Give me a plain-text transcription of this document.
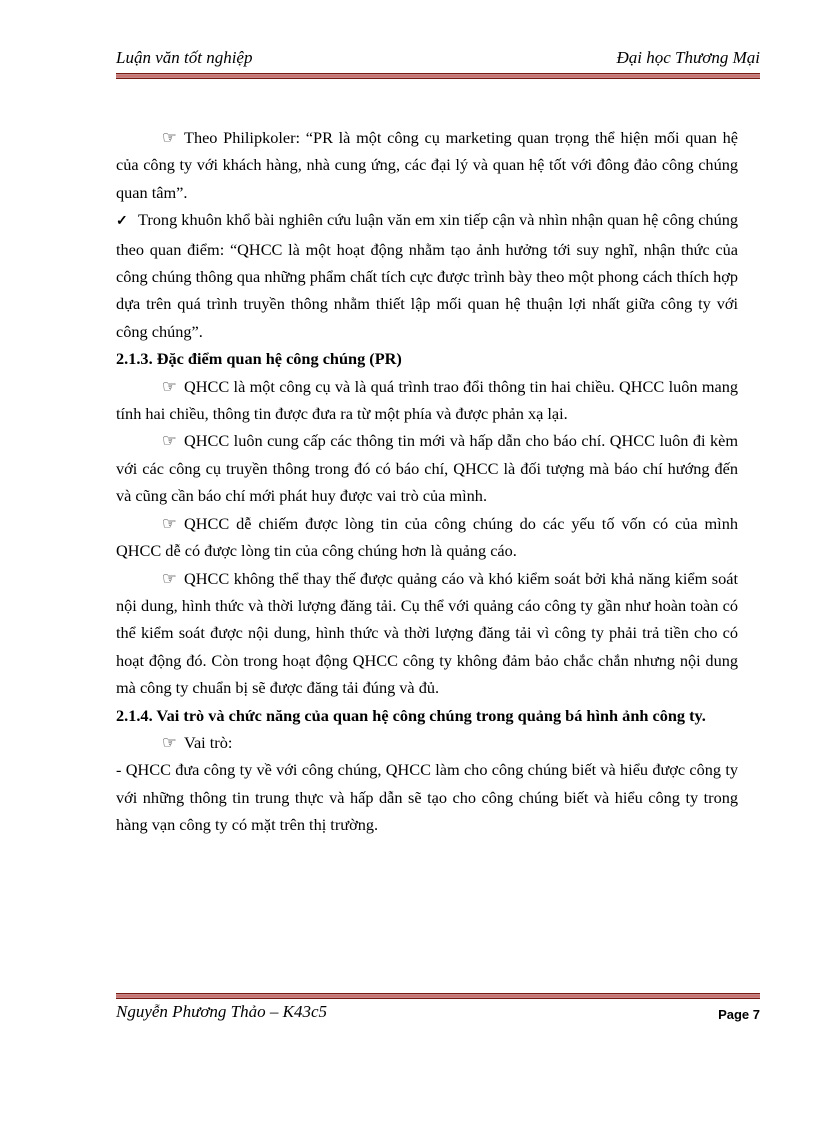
Luận văn tốt nghiệp	Đại học Thương Mại

☞ Theo Philipkoler: “PR là một công cụ marketing quan trọng thể hiện mối quan hệ của công ty với khách hàng, nhà cung ứng, các đại lý và quan hệ tốt với đông đảo công chúng quan tâm”.

✓ Trong khuôn khổ bài nghiên cứu luận văn em xin tiếp cận và nhìn nhận quan hệ công chúng theo quan điểm: “QHCC là một hoạt động nhằm tạo ảnh hưởng tới suy nghĩ, nhận thức của công chúng thông qua những phẩm chất tích cực được trình bày theo một phong cách thích hợp dựa trên quá trình truyền thông nhằm thiết lập mối quan hệ thuận lợi nhất giữa công ty với công chúng”.

2.1.3. Đặc điểm quan hệ công chúng (PR)

☞ QHCC là một công cụ và là quá trình trao đổi thông tin hai chiều. QHCC luôn mang tính hai chiều, thông tin được đưa ra từ một phía và được phản xạ lại.

☞ QHCC luôn cung cấp các thông tin mới và hấp dẫn cho báo chí. QHCC luôn đi kèm với các công cụ truyền thông trong đó có báo chí, QHCC là đối tượng mà báo chí hướng đến và cũng cần báo chí mới phát huy được vai trò của mình.

☞ QHCC dễ chiếm được lòng tin của công chúng do các yếu tố vốn có của mình QHCC dễ có được lòng tin của công chúng hơn là quảng cáo.

☞ QHCC không thể thay thế được quảng cáo và khó kiểm soát bởi khả năng kiểm soát nội dung, hình thức và thời lượng đăng tải. Cụ thể với quảng cáo công ty gần như hoàn toàn có thể kiểm soát được nội dung, hình thức và thời lượng đăng tải vì công ty phải trả tiền cho có hoạt động đó. Còn trong hoạt động QHCC công ty không đảm bảo chắc chắn nhưng nội dung mà công ty chuẩn bị sẽ được đăng tải đúng và đủ.

2.1.4. Vai trò và chức năng của quan hệ công chúng trong quảng bá hình ảnh công ty.

☞ Vai trò:

- QHCC đưa công ty về với công chúng, QHCC làm cho công chúng biết và hiểu được công ty với những thông tin trung thực và hấp dẫn sẽ tạo cho công chúng biết và hiểu công ty trong hàng vạn công ty có mặt trên thị trường.

Nguyễn Phương Thảo – K43c5	Page 7
